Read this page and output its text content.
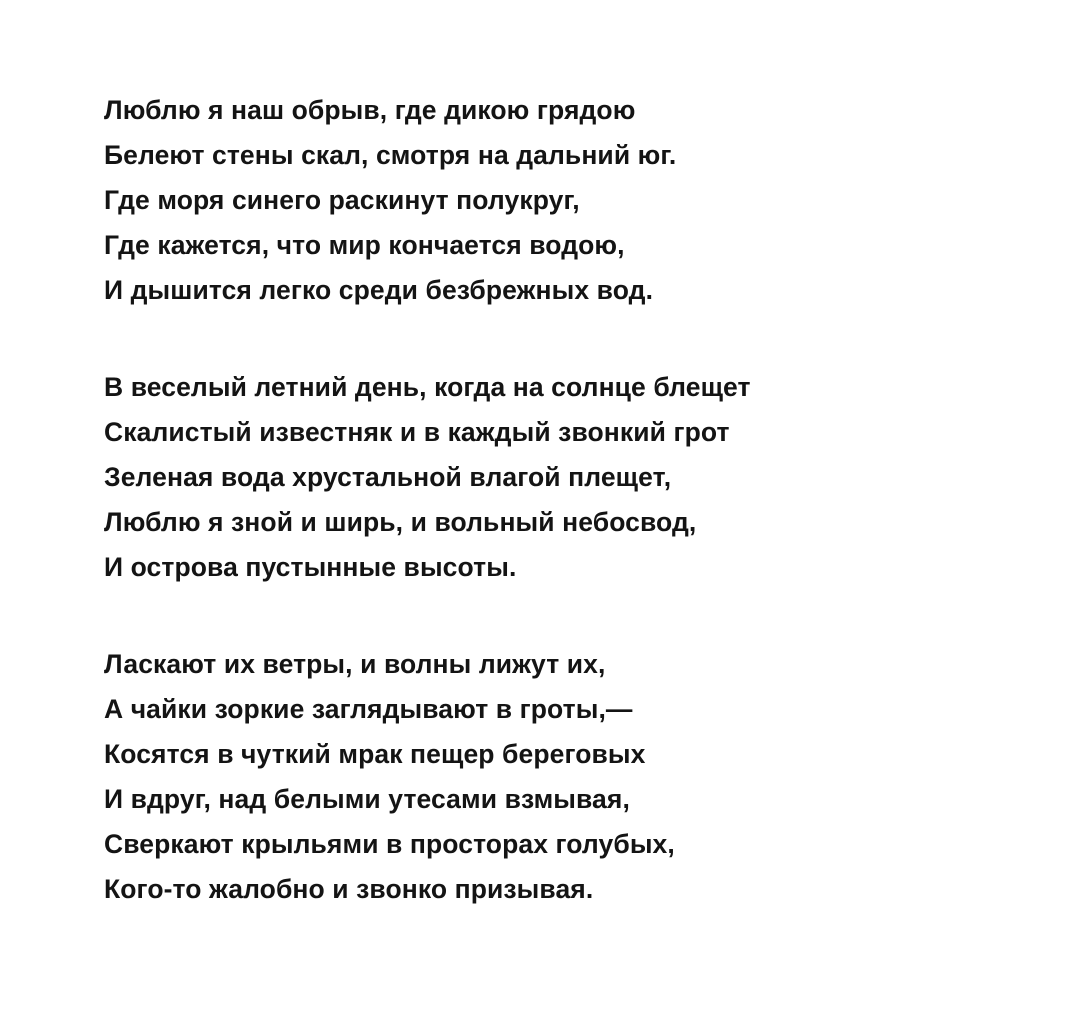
Люблю я наш обрыв, где дикою грядою
Белеют стены скал, смотря на дальний юг.
Где моря синего раскинут полукруг,
Где кажется, что мир кончается водою,
И дышится легко среди безбрежных вод.
В веселый летний день, когда на солнце блещет
Скалистый известняк и в каждый звонкий грот
Зеленая вода хрустальной влагой плещет,
Люблю я зной и ширь, и вольный небосвод,
И острова пустынные высоты.
Ласкают их ветры, и волны лижут их,
А чайки зоркие заглядывают в гроты,—
Косятся в чуткий мрак пещер береговых
И вдруг, над белыми утесами взмывая,
Сверкают крыльями в просторах голубых,
Кого-то жалобно и звонко призывая.
